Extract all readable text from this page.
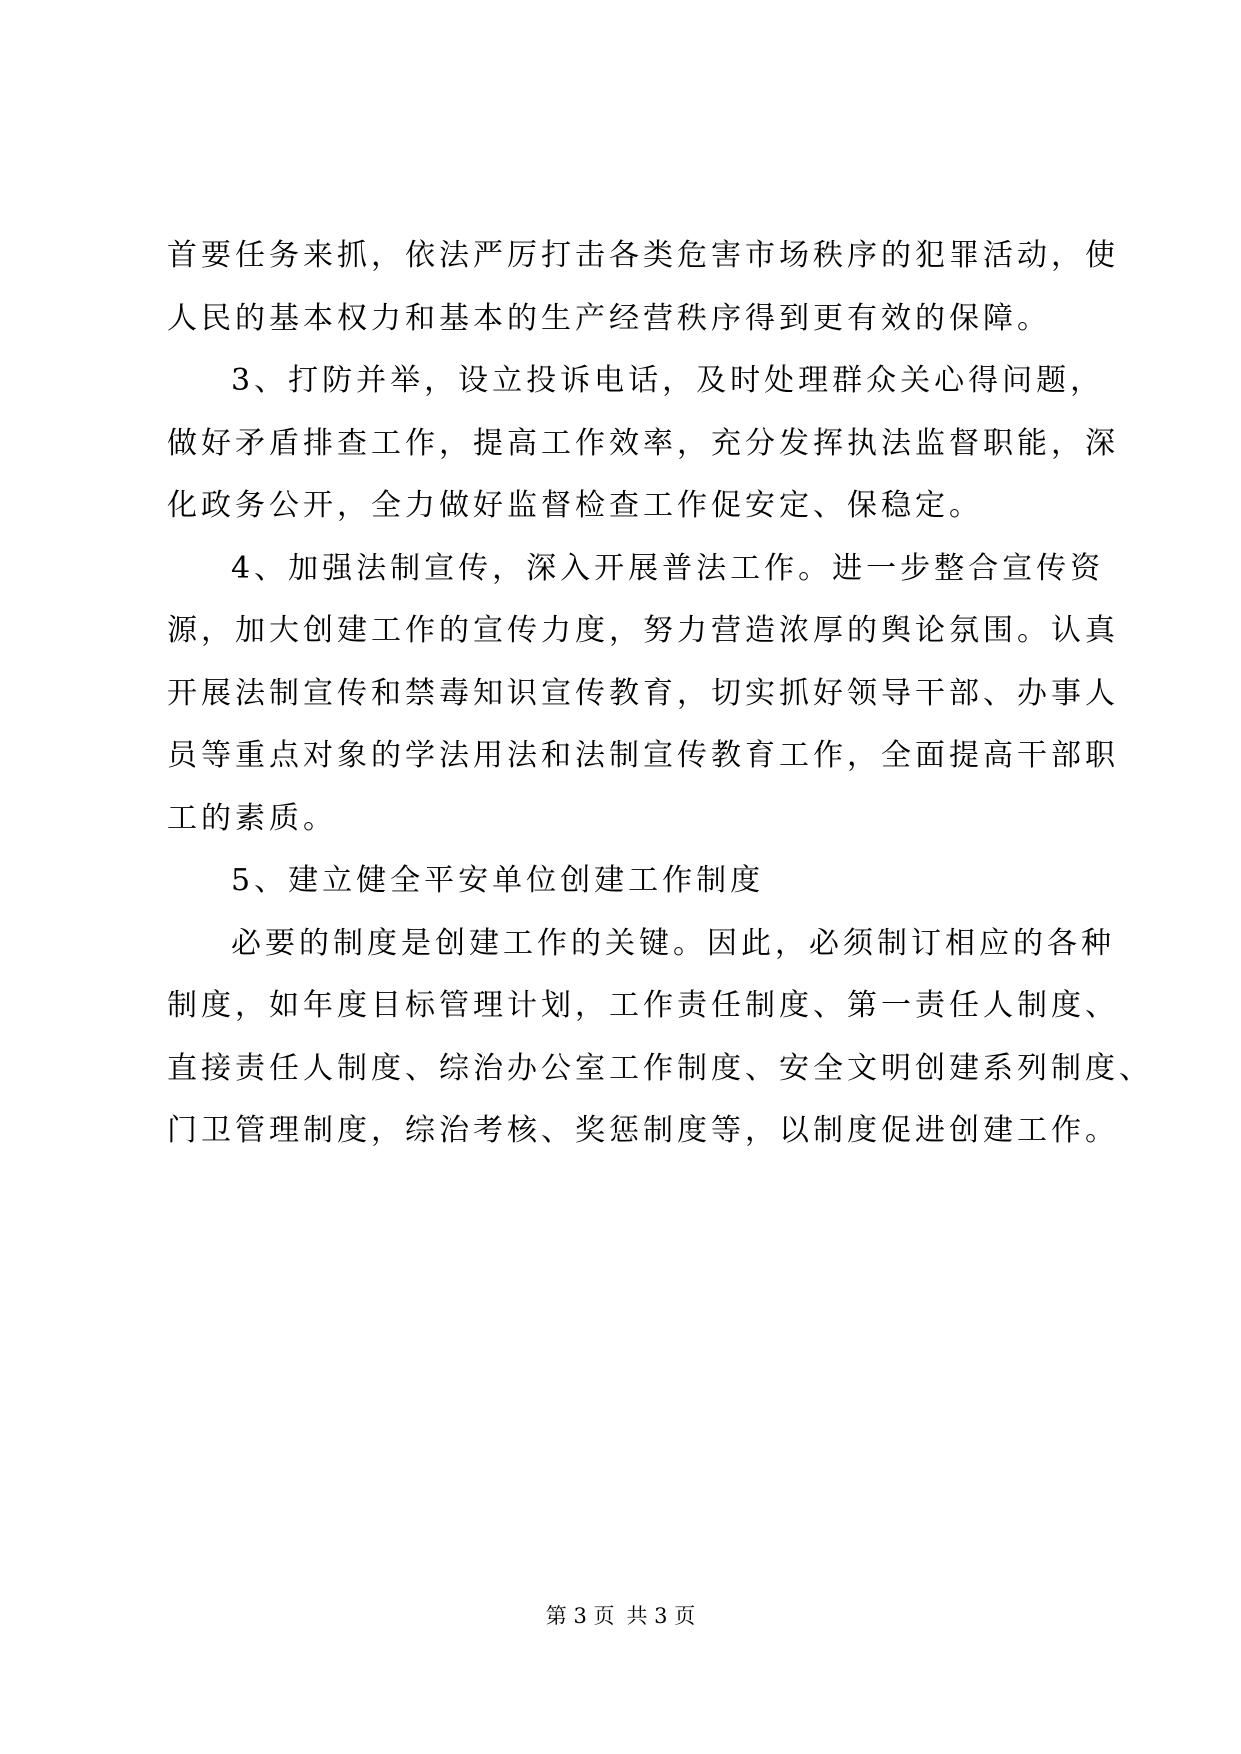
首要任务来抓，依法严厉打击各类危害市场秩序的犯罪活动，使
人民的基本权力和基本的生产经营秩序得到更有效的保障。
3、打防并举，设立投诉电话，及时处理群众关心得问题，
做好矛盾排查工作，提高工作效率，充分发挥执法监督职能，深
化政务公开，全力做好监督检查工作促安定、保稳定。
4、加强法制宣传，深入开展普法工作。进一步整合宣传资
源，加大创建工作的宣传力度，努力营造浓厚的舆论氛围。认真
开展法制宣传和禁毒知识宣传教育，切实抓好领导干部、办事人
员等重点对象的学法用法和法制宣传教育工作，全面提高干部职
工的素质。
5、建立健全平安单位创建工作制度
必要的制度是创建工作的关键。因此，必须制订相应的各种
制度，如年度目标管理计划，工作责任制度、第一责任人制度、
直接责任人制度、综治办公室工作制度、安全文明创建系列制度、
门卫管理制度，综治考核、奖惩制度等，以制度促进创建工作。
第 3 页 共 3 页
